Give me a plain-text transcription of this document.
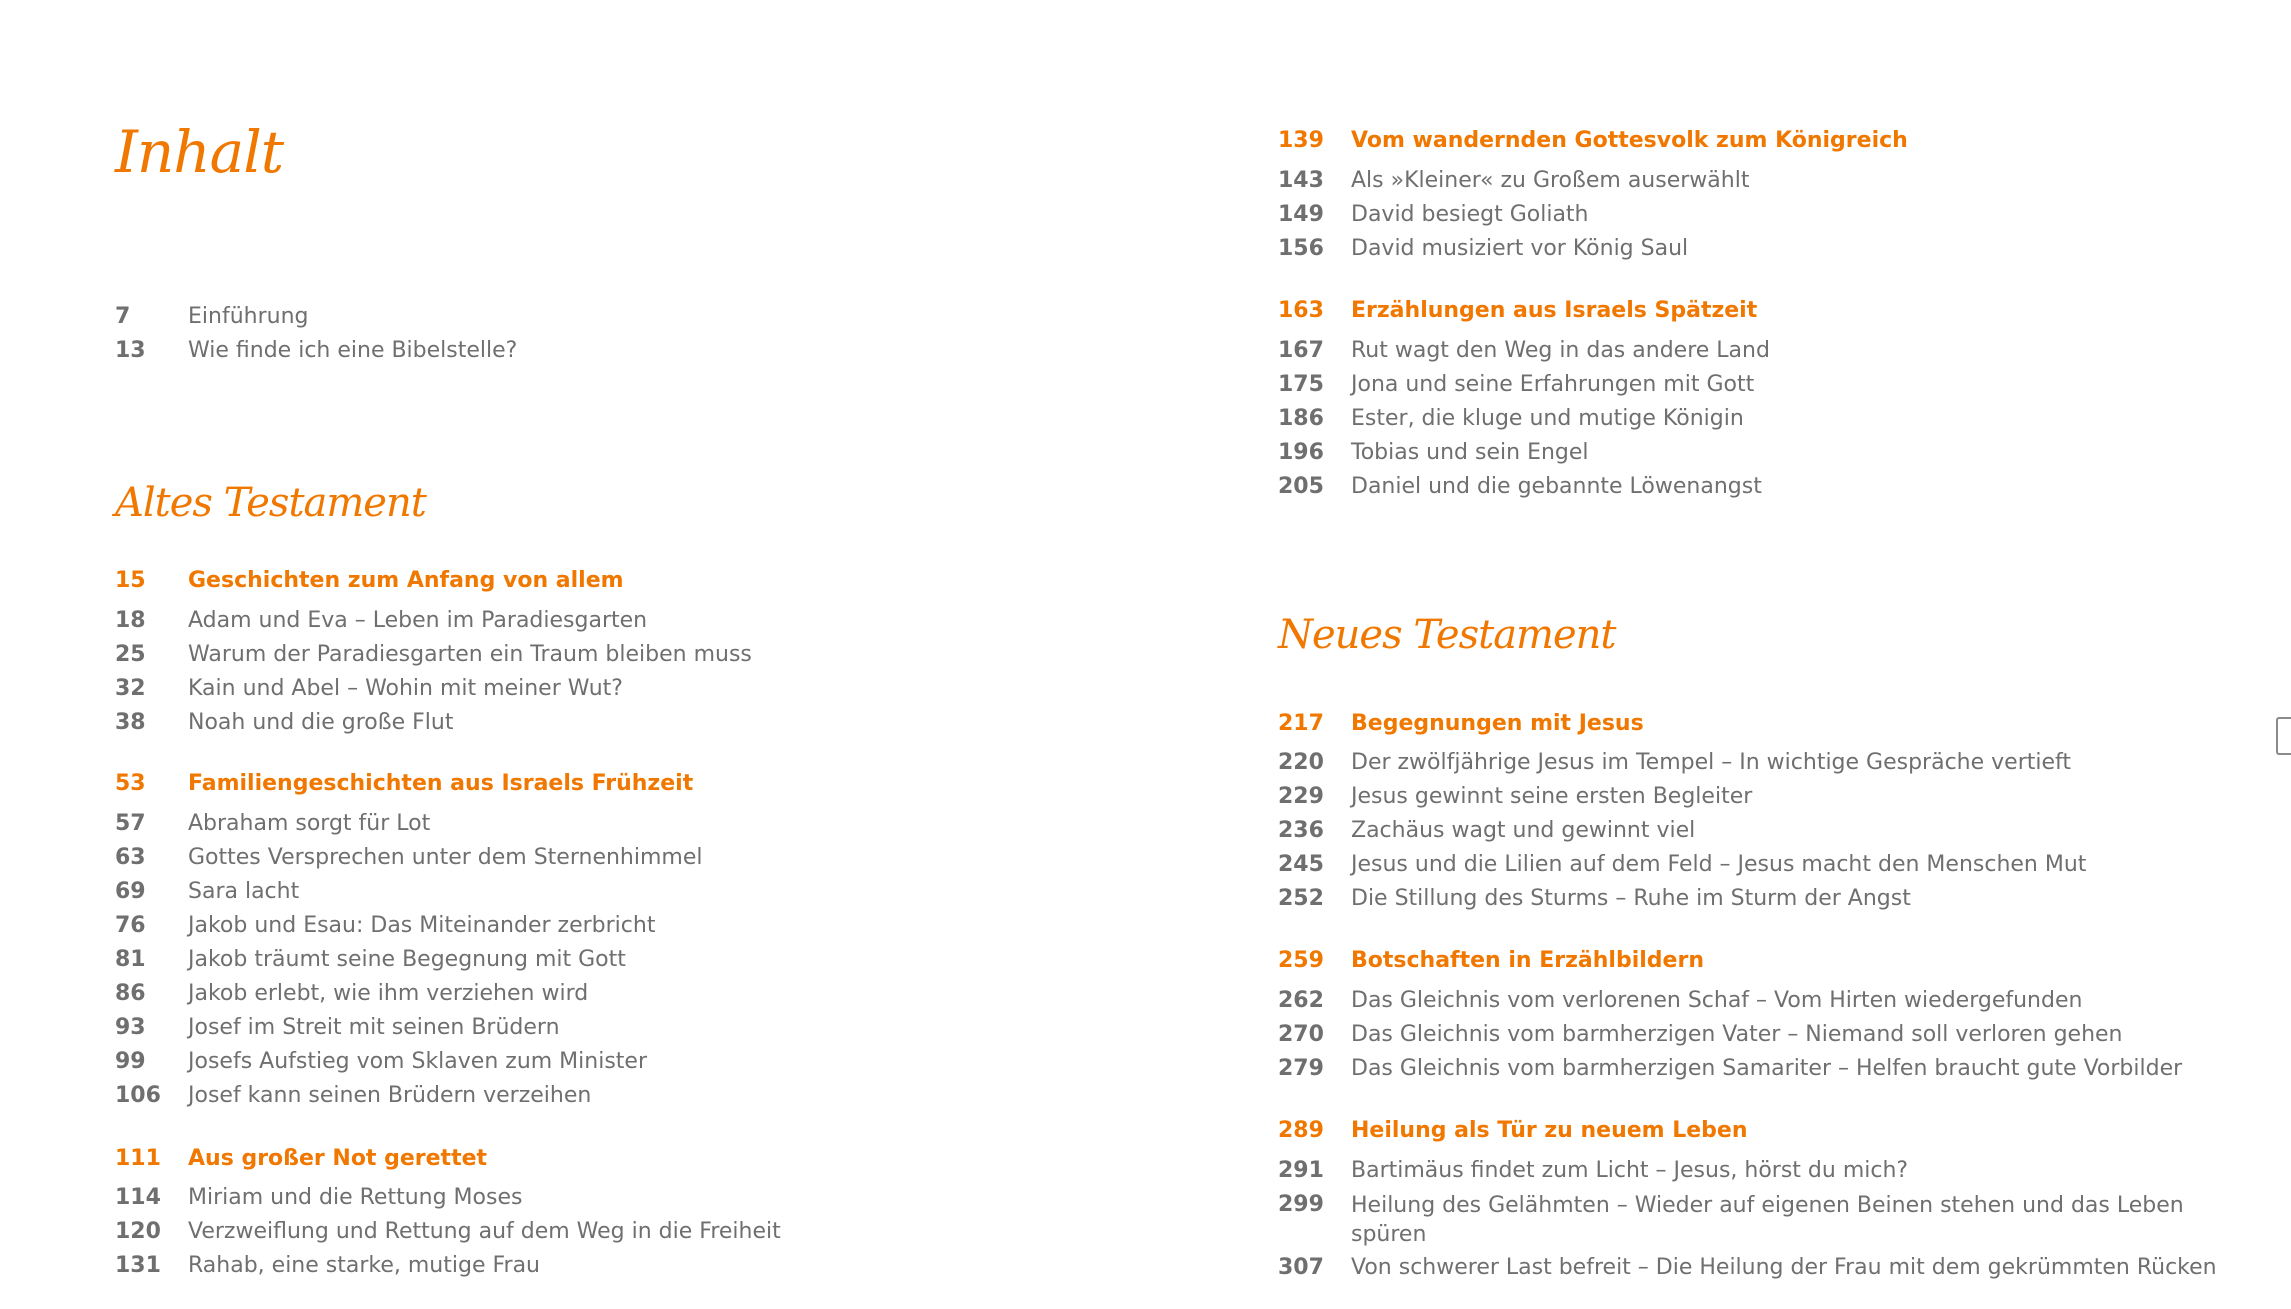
Inhalt
7	Einführung
13 Wie finde ich eine Bibelstelle?
Altes Testament
15 Geschichten zum Anfang von allem
18 Adam und Eva – Leben im Paradiesgarten
25 Warum der Paradiesgarten ein Traum bleiben muss
32 Kain und Abel – Wohin mit meiner Wut?
38 Noah und die große Flut
53 Familiengeschichten aus Israels Frühzeit
57 Abraham sorgt für Lot
63 Gottes Versprechen unter dem Sternenhimmel
69 Sara lacht
76 Jakob und Esau: Das Miteinander zerbricht
81 Jakob träumt seine Begegnung mit Gott
86 Jakob erlebt, wie ihm verziehen wird
93 Josef im Streit mit seinen Brüdern
99 Josefs Aufstieg vom Sklaven zum Minister
106 Josef kann seinen Brüdern verzeihen
111 Aus großer Not gerettet
114 Miriam und die Rettung Moses
120 Verzweiflung und Rettung auf dem Weg in die Freiheit
131 Rahab, eine starke, mutige Frau
139 Vom wandernden Gottesvolk zum Königreich
143 Als »Kleiner« zu Großem auserwählt
149 David besiegt Goliath
156 David musiziert vor König Saul
163 Erzählungen aus Israels Spätzeit
167 Rut wagt den Weg in das andere Land
175 Jona und seine Erfahrungen mit Gott
186 Ester, die kluge und mutige Königin
196 Tobias und sein Engel
205 Daniel und die gebannte Löwenangst
Neues Testament
217 Begegnungen mit Jesus
220 Der zwölfjährige Jesus im Tempel – In wichtige Gespräche vertieft
229 Jesus gewinnt seine ersten Begleiter
236 Zachäus wagt und gewinnt viel
245 Jesus und die Lilien auf dem Feld – Jesus macht den Menschen Mut
252 Die Stillung des Sturms – Ruhe im Sturm der Angst
259 Botschaften in Erzählbildern
262 Das Gleichnis vom verlorenen Schaf – Vom Hirten wiedergefunden
270 Das Gleichnis vom barmherzigen Vater – Niemand soll verloren gehen
279 Das Gleichnis vom barmherzigen Samariter – Helfen braucht gute Vorbilder
289 Heilung als Tür zu neuem Leben
291 Bartimäus findet zum Licht – Jesus, hörst du mich?
299 Heilung des Gelähmten – Wieder auf eigenen Beinen stehen und das Leben spüren
307 Von schwerer Last befreit – Die Heilung der Frau mit dem gekrümmten Rücken
